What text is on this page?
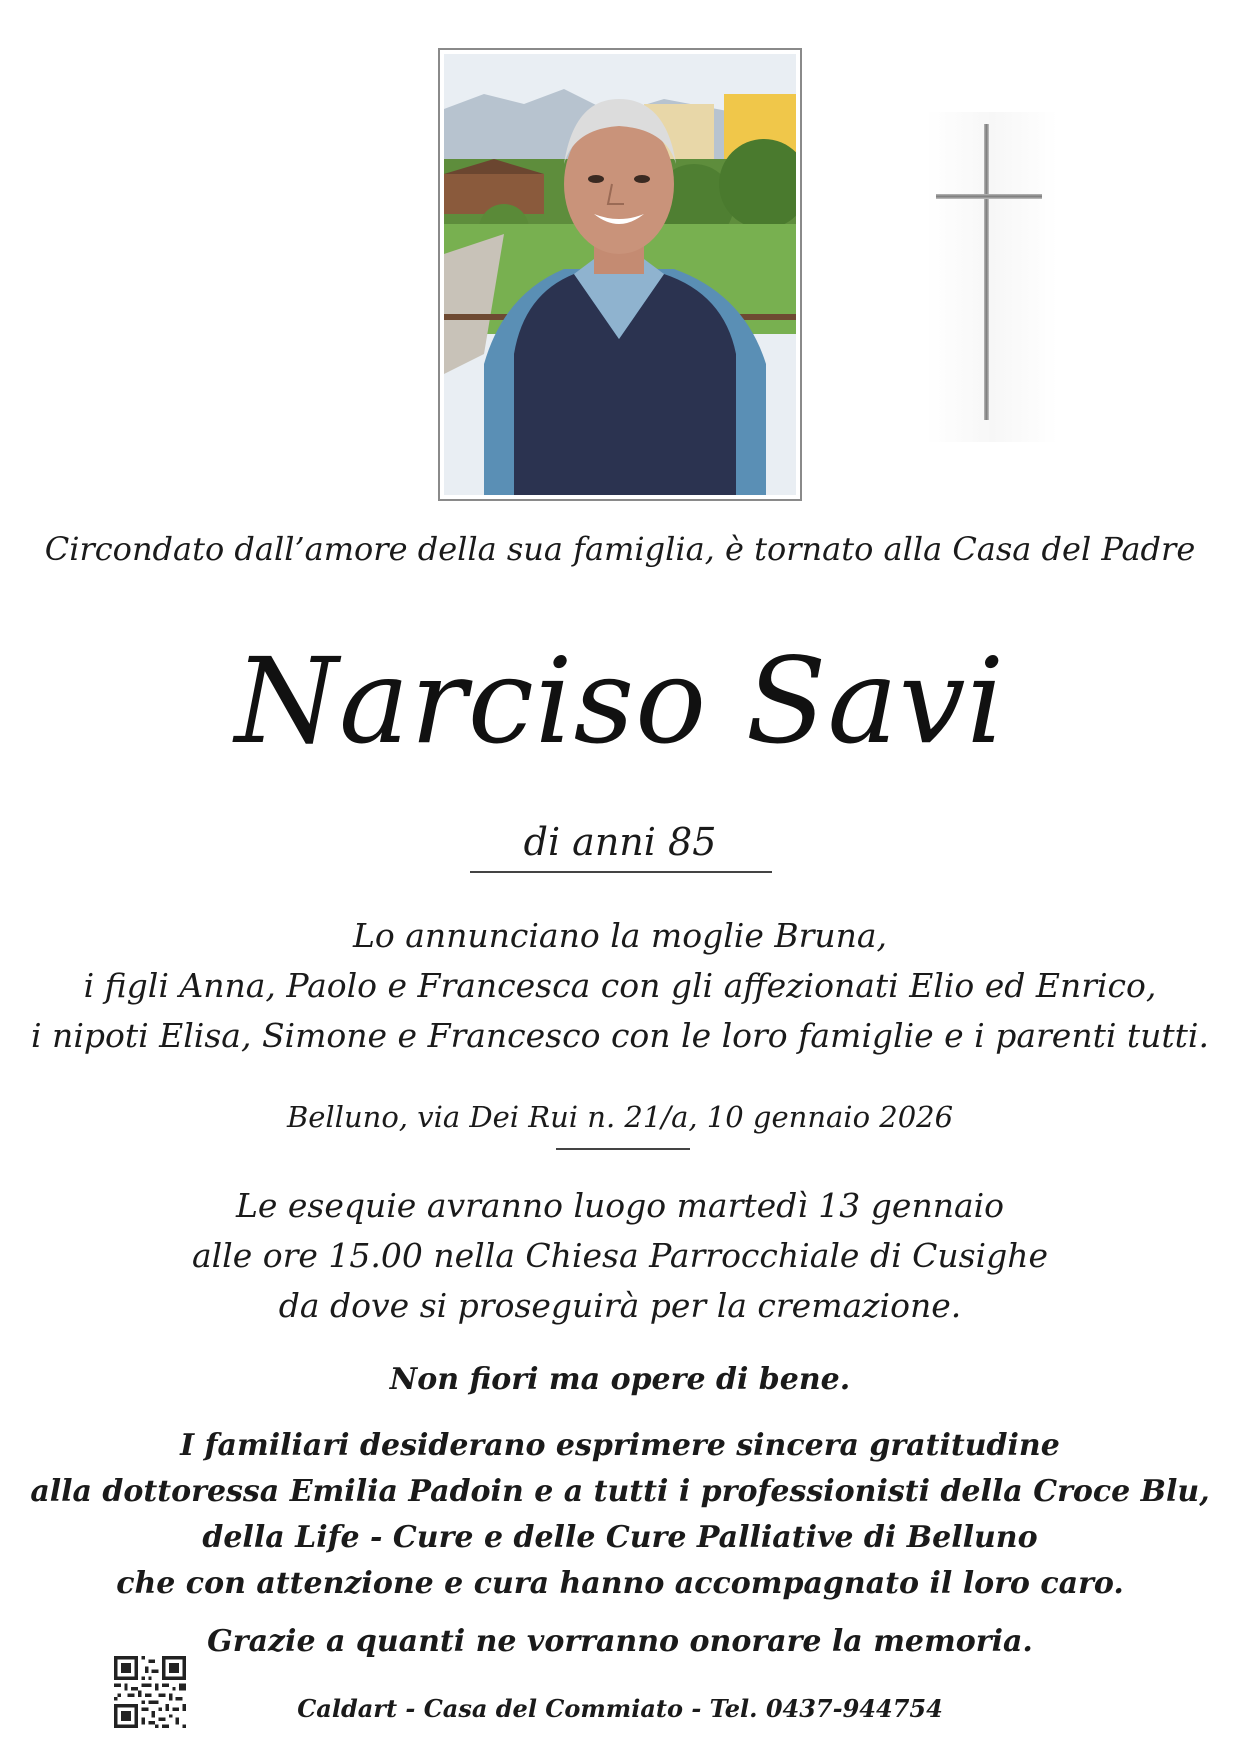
Circondato dall’amore della sua famiglia, è tornato alla Casa del Padre
Narciso Savi
di anni 85
Lo annunciano la moglie Bruna,
i figli Anna, Paolo e Francesca con gli affezionati Elio ed Enrico,
i nipoti Elisa, Simone e Francesco con le loro famiglie e i parenti tutti.
Belluno, via Dei Rui n. 21/a, 10 gennaio 2026
Le esequie avranno luogo martedì 13 gennaio
alle ore 15.00 nella Chiesa Parrocchiale di Cusighe
da dove si proseguirà per la cremazione.
Non fiori ma opere di bene.
I familiari desiderano esprimere sincera gratitudine
alla dottoressa Emilia Padoin e a tutti i professionisti della Croce Blu,
della Life - Cure e delle Cure Palliative di Belluno
che con attenzione e cura hanno accompagnato il loro caro.
Grazie a quanti ne vorranno onorare la memoria.
Caldart - Casa del Commiato - Tel. 0437-944754
